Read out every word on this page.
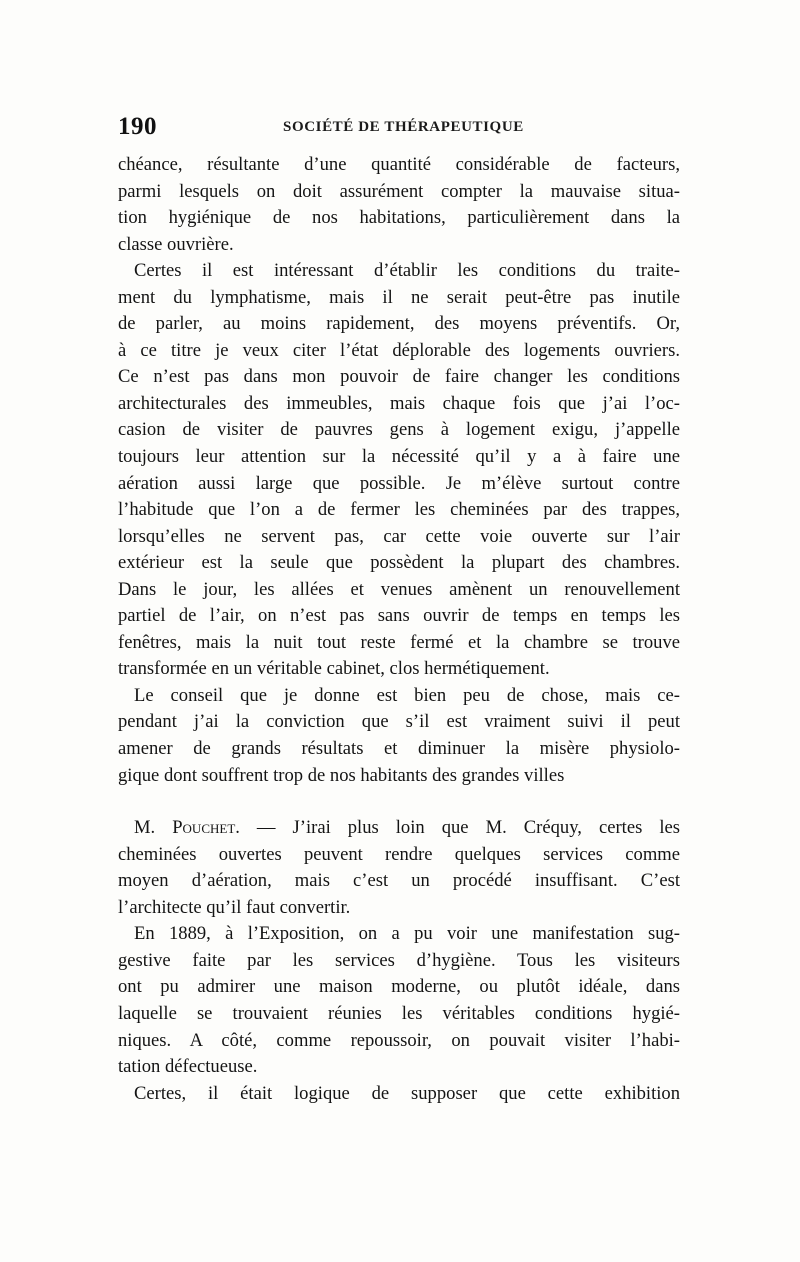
190	SOCIÉTÉ DE THÉRAPEUTIQUE
chéance, résultante d’une quantité considérable de facteurs,
parmi lesquels on doit assurément compter la mauvaise situa-
tion hygiénique de nos habitations, particulièrement dans la
classe ouvrière.
Certes il est intéressant d’établir les conditions du traite-
ment du lymphatisme, mais il ne serait peut-être pas inutile
de parler, au moins rapidement, des moyens préventifs. Or,
à ce titre je veux citer l’état déplorable des logements ouvriers.
Ce n’est pas dans mon pouvoir de faire changer les conditions
architecturales des immeubles, mais chaque fois que j’ai l’oc-
casion de visiter de pauvres gens à logement exigu, j’appelle
toujours leur attention sur la nécessité qu’il y a à faire une
aération aussi large que possible. Je m’élève surtout contre
l’habitude que l’on a de fermer les cheminées par des trappes,
lorsqu’elles ne servent pas, car cette voie ouverte sur l’air
extérieur est la seule que possèdent la plupart des chambres.
Dans le jour, les allées et venues amènent un renouvellement
partiel de l’air, on n’est pas sans ouvrir de temps en temps les
fenêtres, mais la nuit tout reste fermé et la chambre se trouve
transformée en un véritable cabinet, clos hermétiquement.
Le conseil que je donne est bien peu de chose, mais ce-
pendant j’ai la conviction que s’il est vraiment suivi il peut
amener de grands résultats et diminuer la misère physiolo-
gique dont souffrent trop de nos habitants des grandes villes
M. Pouchet. — J’irai plus loin que M. Créquy, certes les
cheminées ouvertes peuvent rendre quelques services comme
moyen d’aération, mais c’est un procédé insuffisant. C’est
l’architecte qu’il faut convertir.
En 1889, à l’Exposition, on a pu voir une manifestation sug-
gestive faite par les services d’hygiène. Tous les visiteurs
ont pu admirer une maison moderne, ou plutôt idéale, dans
laquelle se trouvaient réunies les véritables conditions hygié-
niques. A côté, comme repoussoir, on pouvait visiter l’habi-
tation défectueuse.
Certes, il était logique de supposer que cette exhibition
